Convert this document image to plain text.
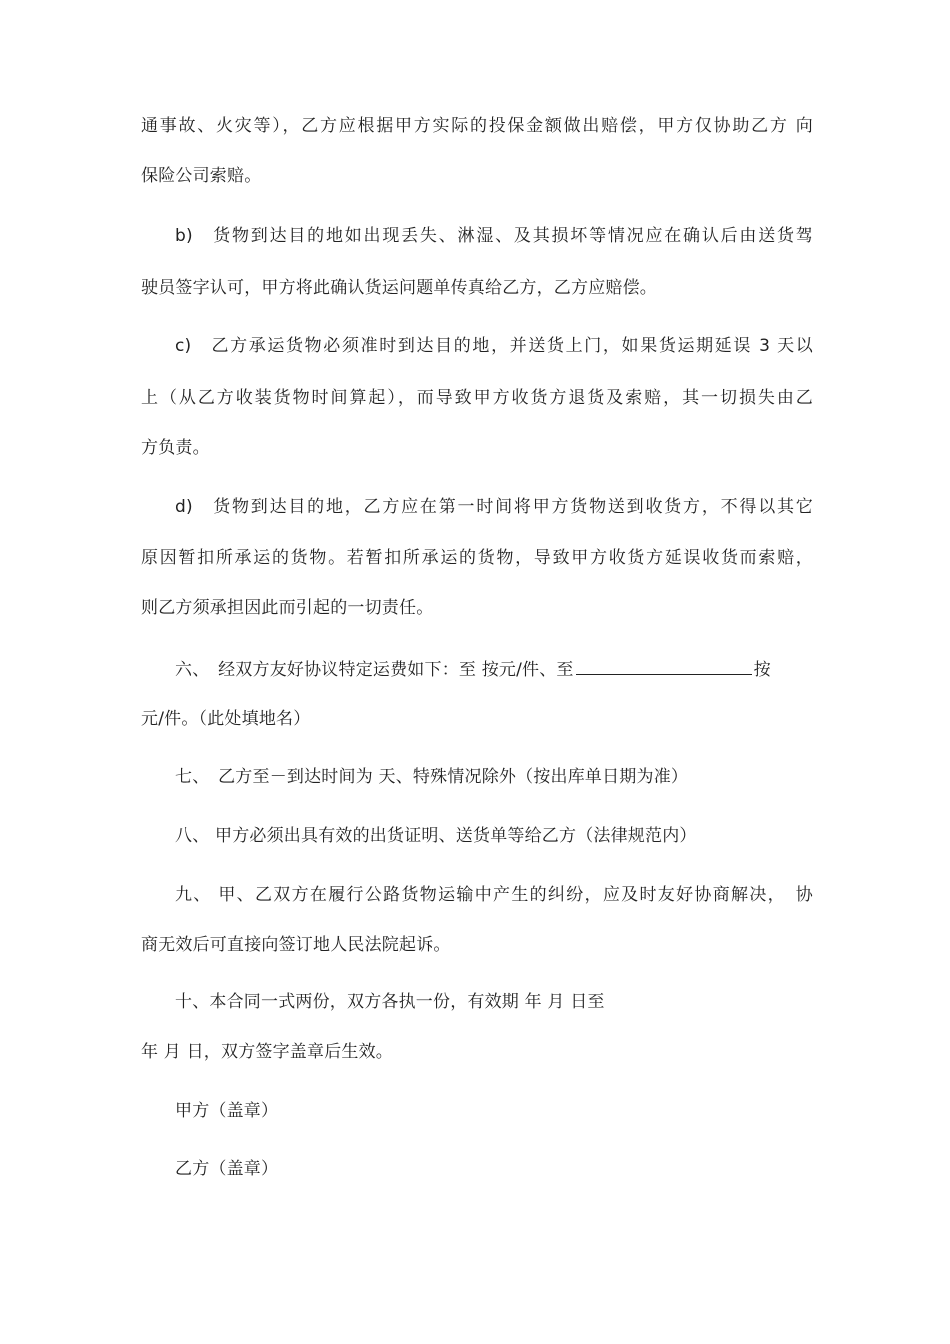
通事故、火灾等），乙方应根据甲方实际的投保金额做出赔偿，甲方仅协助乙方 向
保险公司索赔。
b)　货物到达目的地如出现丢失、淋湿、及其损坏等情况应在确认后由送货驾
驶员签字认可，甲方将此确认货运问题单传真给乙方，乙方应赔偿。
c)　乙方承运货物必须准时到达目的地，并送货上门，如果货运期延误 3 天以
上（从乙方收装货物时间算起），而导致甲方收货方退货及索赔，其一切损失由乙
方负责。
d)　货物到达目的地，乙方应在第一时间将甲方货物送到收货方，不得以其它
原因暂扣所承运的货物。若暂扣所承运的货物，导致甲方收货方延误收货而索赔，
则乙方须承担因此而引起的一切责任。
六、　经双方友好协议特定运费如下：至 按元/件、至	按
元/件。（此处填地名）
七、　乙方至－到达时间为 天、特殊情况除外（按出库单日期为准）
八、 甲方必须出具有效的出货证明、送货单等给乙方（法律规范内）
九、 甲、乙双方在履行公路货物运输中产生的纠纷，应及时友好协商解决，　协
商无效后可直接向签订地人民法院起诉。
十、本合同一式两份，双方各执一份，有效期 年 月 日至
年 月 日，双方签字盖章后生效。
甲方（盖章）
乙方（盖章）
